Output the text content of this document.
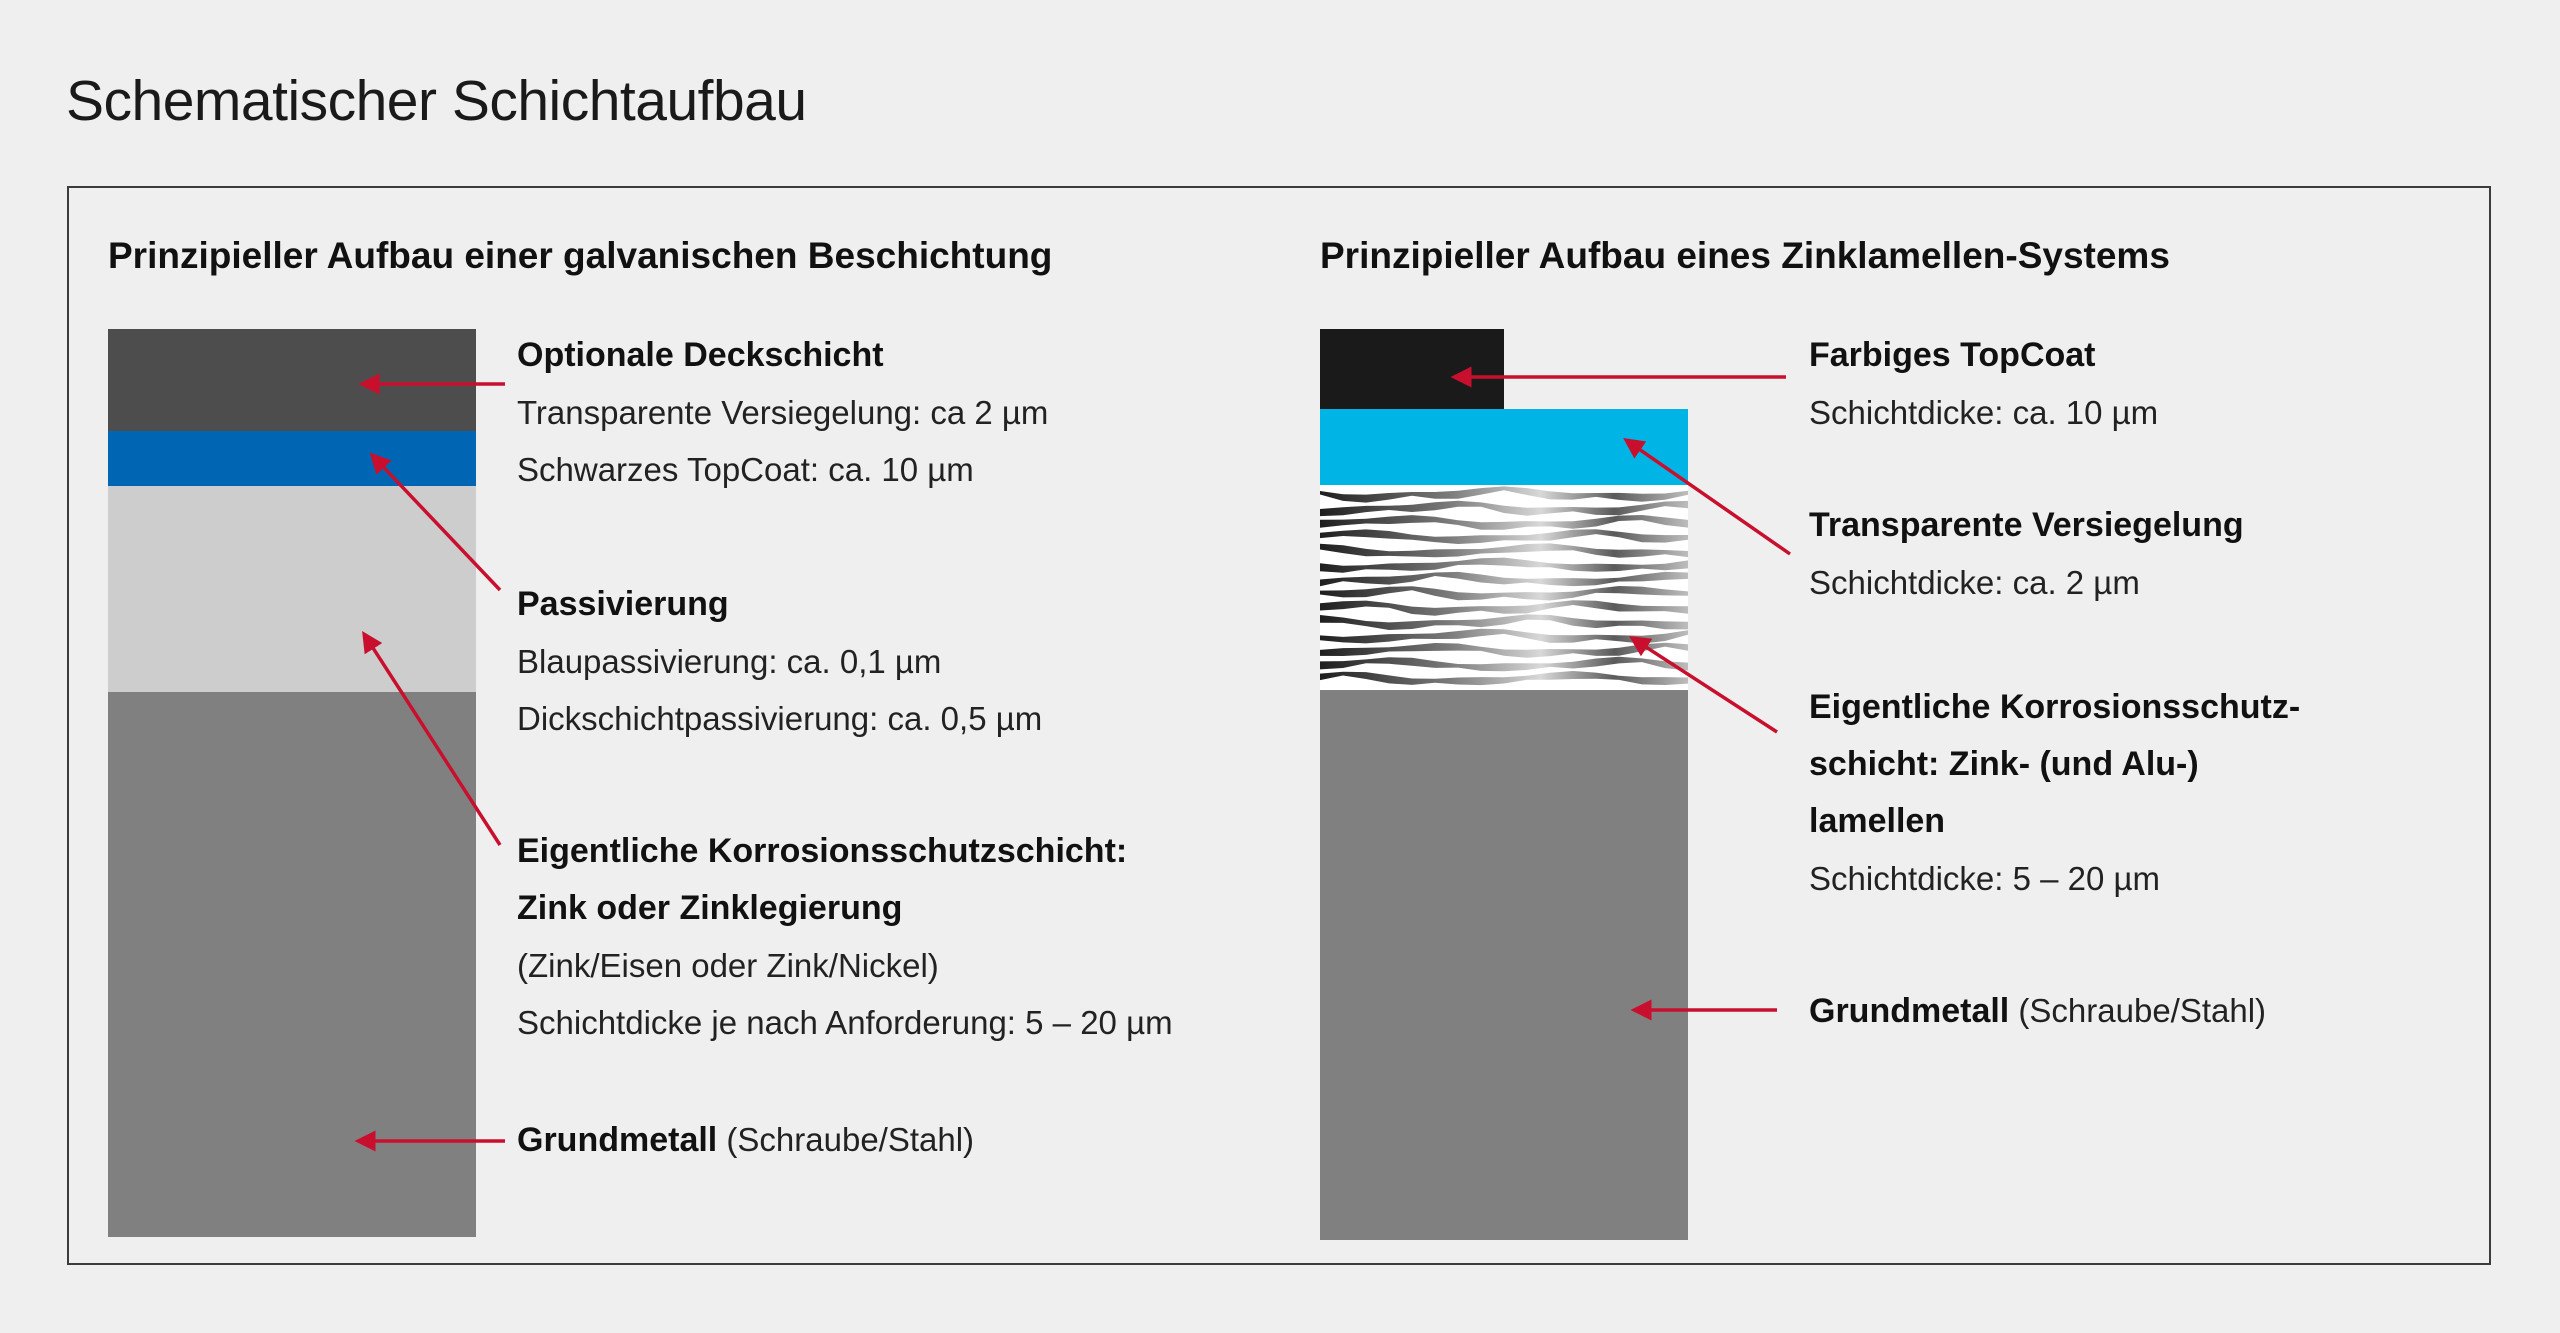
Schematischer Schichtaufbau
Prinzipieller Aufbau einer galvanischen Beschichtung
Optionale Deckschicht
Transparente Versiegelung: ca 2 µm
Schwarzes TopCoat: ca. 10 µm
Passivierung
Blaupassivierung: ca. 0,1 µm
Dickschichtpassivierung: ca. 0,5 µm
Eigentliche Korrosionsschutzschicht:
Zink oder Zinklegierung
(Zink/Eisen oder Zink/Nickel)
Schichtdicke je nach Anforderung: 5 – 20 µm
Grundmetall (Schraube/Stahl)
Prinzipieller Aufbau eines Zinklamellen-Systems
Farbiges TopCoat
Schichtdicke: ca. 10 µm
Transparente Versiegelung
Schichtdicke: ca. 2 µm
Eigentliche Korrosionsschutz-
schicht: Zink- (und Alu-)
lamellen
Schichtdicke: 5 – 20 µm
Grundmetall (Schraube/Stahl)
